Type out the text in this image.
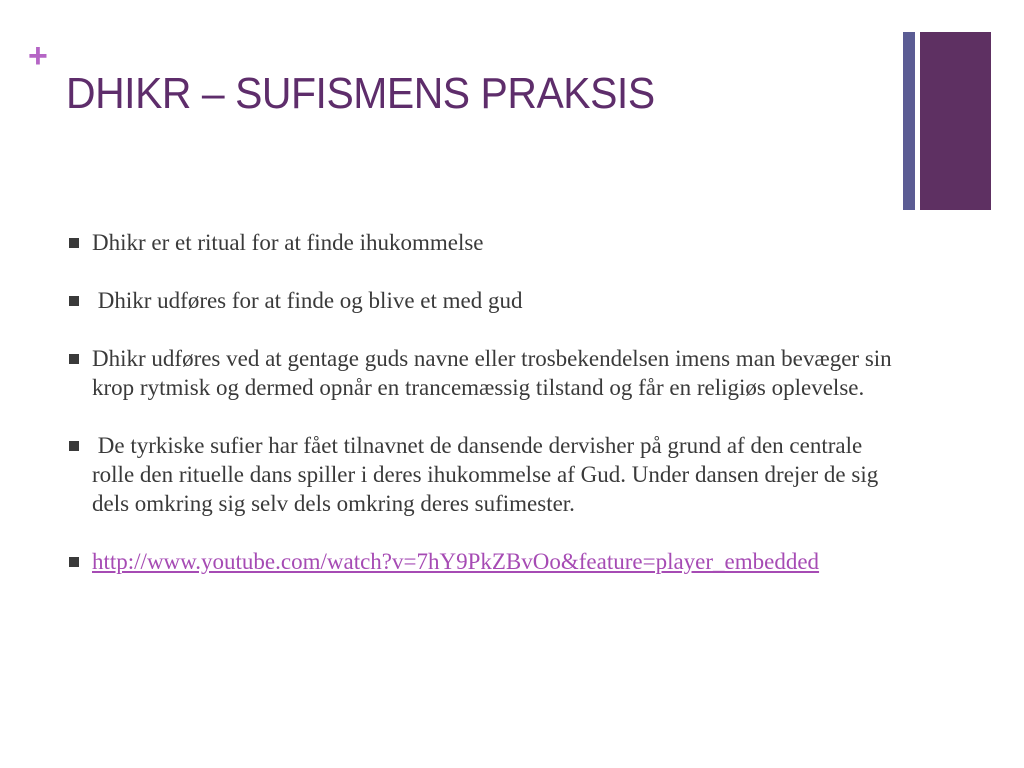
+
DHIKR – SUFISMENS PRAKSIS
Dhikr er et ritual for at finde ihukommelse
Dhikr udføres for at finde og blive et med gud
Dhikr udføres ved at gentage guds navne eller trosbekendelsen imens man bevæger sin krop rytmisk og dermed opnår en trancemæssig tilstand og får en religiøs oplevelse.
De tyrkiske sufier har fået tilnavnet de dansende dervisher på grund af den centrale rolle den rituelle dans spiller i deres ihukommelse af Gud. Under dansen drejer de sig dels omkring sig selv dels omkring deres sufimester.
http://www.youtube.com/watch?v=7hY9PkZBvOo&feature=player_embedded
